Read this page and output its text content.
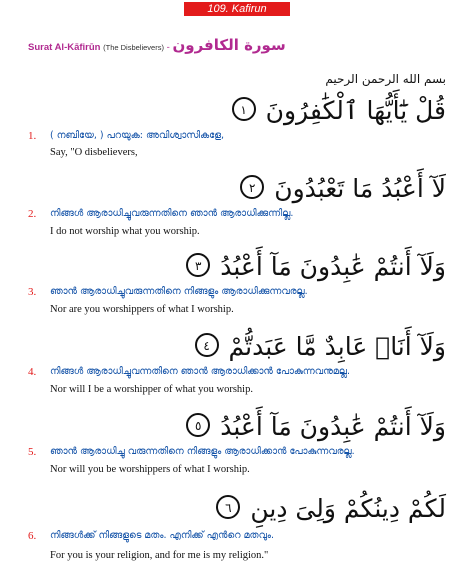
109. Kafirun
Surat Al-Kāfirūn (The Disbelievers) - سورة الكافرون
بسم الله الرحمن الرحيم
قُلْ يَٰٓأَيُّهَا ٱلْكَٰفِرُونَ ١
1. ( നബിയേ, ) പറയുക: അവിശ്വാസികളേ,
Say, "O disbelievers,
لَآ أَعْبُدُ مَا تَعْبُدُونَ ٢
2. നിങ്ങള്‍ ആരാധിച്ചുവരുന്നതിനെ ഞാന്‍ ആരാധിക്കുന്നില്ല.
I do not worship what you worship.
وَلَآ أَنتُمْ عَٰبِدُونَ مَآ أَعْبُدُ ٣
3. ഞാന്‍ ആരാധിച്ചുവരുന്നതിനെ നിങ്ങളും ആരാധിക്കുന്നവരല്ല.
Nor are you worshippers of what I worship.
وَلَآ أَنَا۠ عَابِدٌ مَّا عَبَدتُّمْ ٤
4. നിങ്ങള്‍ ആരാധിച്ചുവന്നതിനെ ഞാന്‍ ആരാധിക്കാന്‍ പോകുന്നവനുമല്ല.
Nor will I be a worshipper of what you worship.
وَلَآ أَنتُمْ عَٰبِدُونَ مَآ أَعْبُدُ ٥
5. ഞാന്‍ ആരാധിച്ചു വരുന്നതിനെ നിങ്ങളും ആരാധിക്കാന്‍ പോകുന്നവരല്ല.
Nor will you be worshippers of what I worship.
لَكُمْ دِينُكُمْ وَلِىَ دِينِ ٦
6. നിങ്ങള്‍ക്ക് നിങ്ങളുടെ മതം. എനിക്ക് എന്‍റെ മതവും.
For you is your religion, and for me is my religion."
